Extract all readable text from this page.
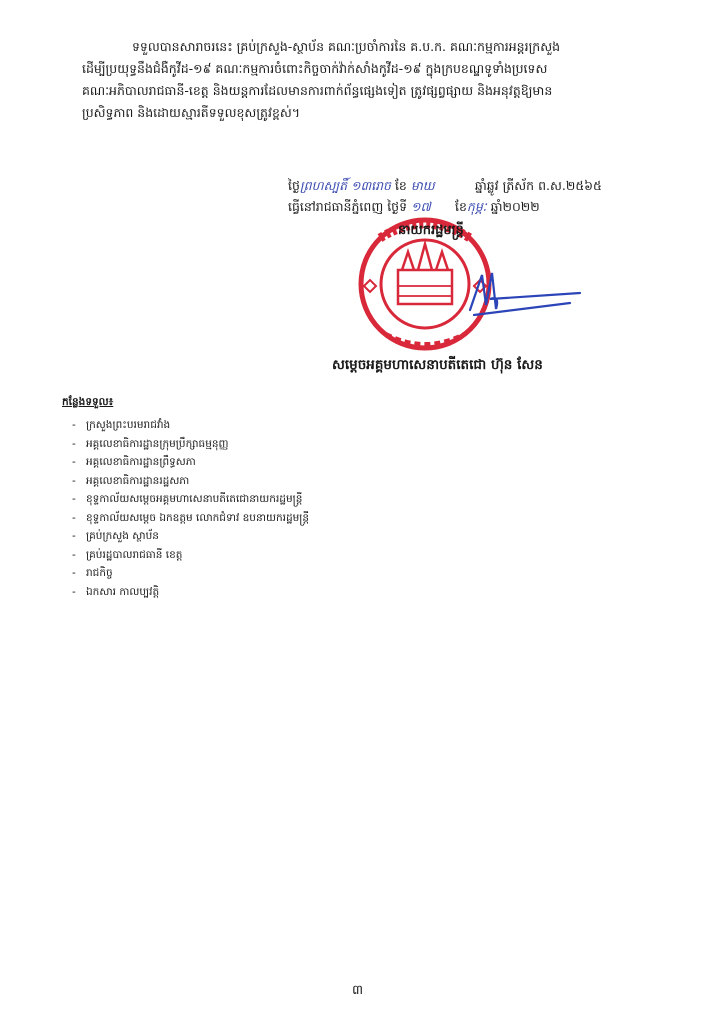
ទទួលបានសារាចរនេះ គ្រប់ក្រសួង-ស្ថាប័ន គណៈប្រចាំការនៃ គ.ប.ក. គណៈកម្មការអន្តរក្រសួង

ដើម្បីប្រយុទ្ធនឹងជំងឺកូវីដ-១៩ គណៈកម្មការចំពោះកិច្ចចាក់វ៉ាក់សាំងកូវីដ-១៩ ក្នុងក្របខណ្ឌទូទាំងប្រទេស

គណៈអភិបាលរាជធានី-ខេត្ត និងយន្តការដែលមានការពាក់ព័ន្ធផ្សេងទៀត ត្រូវផ្សព្វផ្សាយ និងអនុវត្តឱ្យមាន

ប្រសិទ្ធភាព និងដោយស្មារតីទទួលខុសត្រូវខ្ពស់។

ថ្ងៃព្រហស្បតិ៍ ១៣រោច ខែ មាឃ	ឆ្នាំឆ្លូវ ត្រីស័ក ព.ស.២៥៦៥
ធ្វើនៅរាជធានីភ្នំពេញ ថ្ងៃទី ១៧ ខែកុម្ភៈ ឆ្នាំ២០២២
នាយករដ្ឋមន្ត្រី
សម្តេចអគ្គមហាសេនាបតីតេជោ ហ៊ុន សែន
កន្លែងទទួល៖
- ក្រសួងព្រះបរមរាជវាំង
- អគ្គលេខាធិការដ្ឋានក្រុមប្រឹក្សាធម្មនុញ្ញ
- អគ្គលេខាធិការដ្ឋានព្រឹទ្ធសភា
- អគ្គលេខាធិការដ្ឋានរដ្ឋសភា
- ខុទ្ទកាល័យសម្តេចអគ្គមហាសេនាបតីតេជោនាយករដ្ឋមន្ត្រី
- ខុទ្ទកាល័យសម្តេច ឯកឧត្តម លោកជំទាវ ឧបនាយករដ្ឋមន្ត្រី
- គ្រប់ក្រសួង ស្ថាប័ន
- គ្រប់រដ្ឋបាលរាជធានី ខេត្ត
- រាជកិច្ច
- ឯកសារ កាលប្បវត្តិ
៣
